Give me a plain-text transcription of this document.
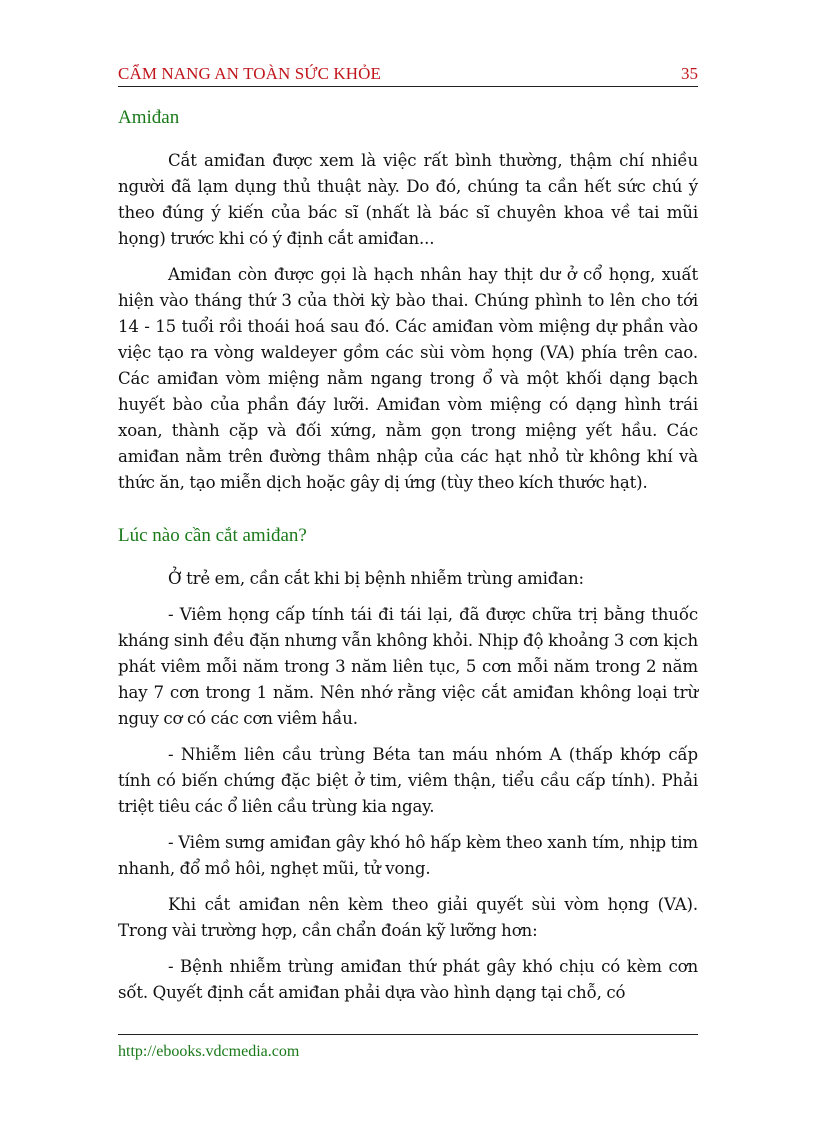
CẨM NANG AN TOÀN SỨC KHỎE	35
Amiđan

Cắt amiđan được xem là việc rất bình thường, thậm chí nhiều người đã lạm dụng thủ thuật này. Do đó, chúng ta cần hết sức chú ý theo đúng ý kiến của bác sĩ (nhất là bác sĩ chuyên khoa về tai mũi họng) trước khi có ý định cắt amiđan...

Amiđan còn được gọi là hạch nhân hay thịt dư ở cổ họng, xuất hiện vào tháng thứ 3 của thời kỳ bào thai. Chúng phình to lên cho tới 14 - 15 tuổi rồi thoái hoá sau đó. Các amiđan vòm miệng dự phần vào việc tạo ra vòng waldeyer gồm các sùi vòm họng (VA) phía trên cao. Các amiđan vòm miệng nằm ngang trong ổ và một khối dạng bạch huyết bào của phần đáy lưỡi. Amiđan vòm miệng có dạng hình trái xoan, thành cặp và đối xứng, nằm gọn trong miệng yết hầu. Các amiđan nằm trên đường thâm nhập của các hạt nhỏ từ không khí và thức ăn, tạo miễn dịch hoặc gây dị ứng (tùy theo kích thước hạt).

Lúc nào cần cắt amiđan?

Ở trẻ em, cần cắt khi bị bệnh nhiễm trùng amiđan:

- Viêm họng cấp tính tái đi tái lại, đã được chữa trị bằng thuốc kháng sinh đều đặn nhưng vẫn không khỏi. Nhịp độ khoảng 3 cơn kịch phát viêm mỗi năm trong 3 năm liên tục, 5 cơn mỗi năm trong 2 năm hay 7 cơn trong 1 năm. Nên nhớ rằng việc cắt amiđan không loại trừ nguy cơ có các cơn viêm hầu.

- Nhiễm liên cầu trùng Béta tan máu nhóm A (thấp khớp cấp tính có biến chứng đặc biệt ở tim, viêm thận, tiểu cầu cấp tính). Phải triệt tiêu các ổ liên cầu trùng kia ngay.

- Viêm sưng amiđan gây khó hô hấp kèm theo xanh tím, nhịp tim nhanh, đổ mồ hôi, nghẹt mũi, tử vong.

Khi cắt amiđan nên kèm theo giải quyết sùi vòm họng (VA). Trong vài trường hợp, cần chẩn đoán kỹ lưỡng hơn:

- Bệnh nhiễm trùng amiđan thứ phát gây khó chịu có kèm cơn sốt. Quyết định cắt amiđan phải dựa vào hình dạng tại chỗ, có

http://ebooks.vdcmedia.com
